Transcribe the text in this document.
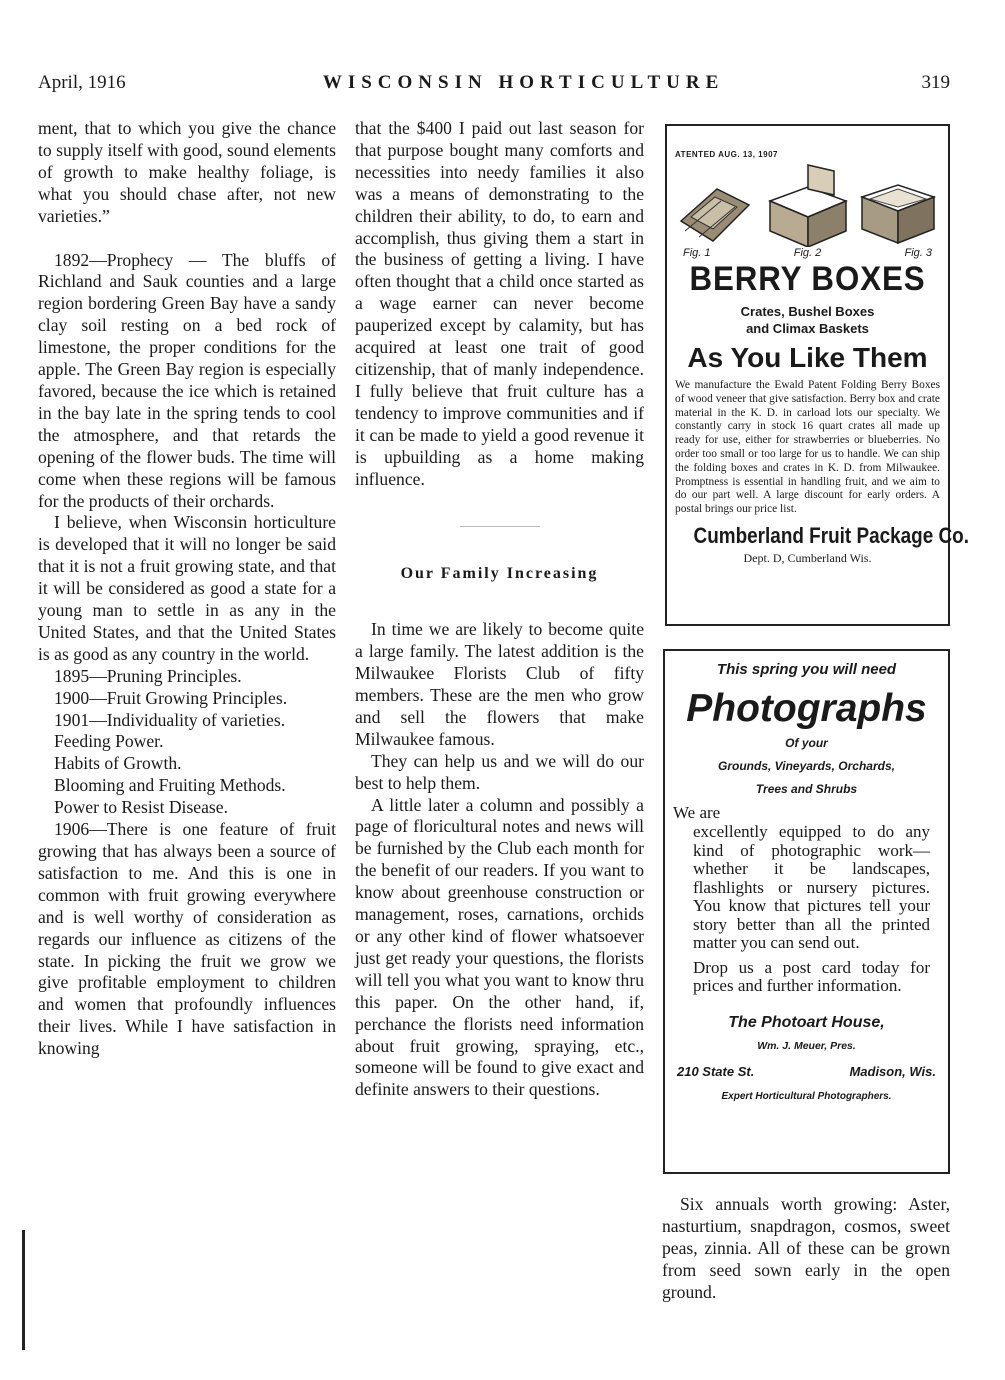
April, 1916	WISCONSIN HORTICULTURE	319

ment, that to which you give the chance to supply itself with good, sound elements of growth to make healthy foliage, is what you should chase after, not new varieties.”

1892—Prophecy — The bluffs of Richland and Sauk counties and a large region bordering Green Bay have a sandy clay soil resting on a bed rock of limestone, the proper conditions for the apple. The Green Bay region is especially favored, because the ice which is retained in the bay late in the spring tends to cool the atmosphere, and that retards the opening of the flower buds. The time will come when these regions will be famous for the products of their orchards.

I believe, when Wisconsin horticulture is developed that it will no longer be said that it is not a fruit growing state, and that it will be considered as good a state for a young man to settle in as any in the United States, and that the United States is as good as any country in the world.

1895—Pruning Principles.

1900—Fruit Growing Principles.

1901—Individuality of varieties.

Feeding Power.

Habits of Growth.

Blooming and Fruiting Methods.

Power to Resist Disease.

1906—There is one feature of fruit growing that has always been a source of satisfaction to me. And this is one in common with fruit growing everywhere and is well worthy of consideration as regards our influence as citizens of the state. In picking the fruit we grow we give profitable employment to children and women that profoundly influences their lives. While I have satisfaction in knowing

that the $400 I paid out last season for that purpose bought many comforts and necessities into needy families it also was a means of demonstrating to the children their ability, to do, to earn and accomplish, thus giving them a start in the business of getting a living. I have often thought that a child once started as a wage earner can never become pauperized except by calamity, but has acquired at least one trait of good citizenship, that of manly independence. I fully believe that fruit culture has a tendency to improve communities and if it can be made to yield a good revenue it is upbuilding as a home making influence.

Our Family Increasing

In time we are likely to become quite a large family. The latest addition is the Milwaukee Florists Club of fifty members. These are the men who grow and sell the flowers that make Milwaukee famous.

They can help us and we will do our best to help them.

A little later a column and possibly a page of floricultural notes and news will be furnished by the Club each month for the benefit of our readers. If you want to know about greenhouse construction or management, roses, carnations, orchids or any other kind of flower whatsoever just get ready your questions, the florists will tell you what you want to know thru this paper. On the other hand, if, perchance the florists need information about fruit growing, spraying, etc., someone will be found to give exact and definite answers to their questions.

ATENTED AUG. 13, 1907
Fig. 1	Fig. 2	Fig. 3
BERRY BOXES
Crates, Bushel Boxes
and Climax Baskets
As You Like Them
We manufacture the Ewald Patent Folding Berry Boxes of wood veneer that give satisfaction. Berry box and crate material in the K. D. in carload lots our specialty. We constantly carry in stock 16 quart crates all made up ready for use, either for strawberries or blueberries. No order too small or too large for us to handle. We can ship the folding boxes and crates in K. D. from Milwaukee. Promptness is essential in handling fruit, and we aim to do our part well. A large discount for early orders. A postal brings our price list.
Cumberland Fruit Package Co.
Dept. D, Cumberland Wis.
This spring you will need
Photographs
Of your
Grounds, Vineyards, Orchards,
Trees and Shrubs
We are

excellently equipped to do any kind of photographic work—whether it be landscapes, flashlights or nursery pictures. You know that pictures tell your story better than all the printed matter you can send out.

Drop us a post card today for prices and further information.

The Photoart House,
Wm. J. Meuer, Pres.
210 State St.	Madison, Wis.
Expert Horticultural Photographers.

Six annuals worth growing: Aster, nasturtium, snapdragon, cosmos, sweet peas, zinnia. All of these can be grown from seed sown early in the open ground.
